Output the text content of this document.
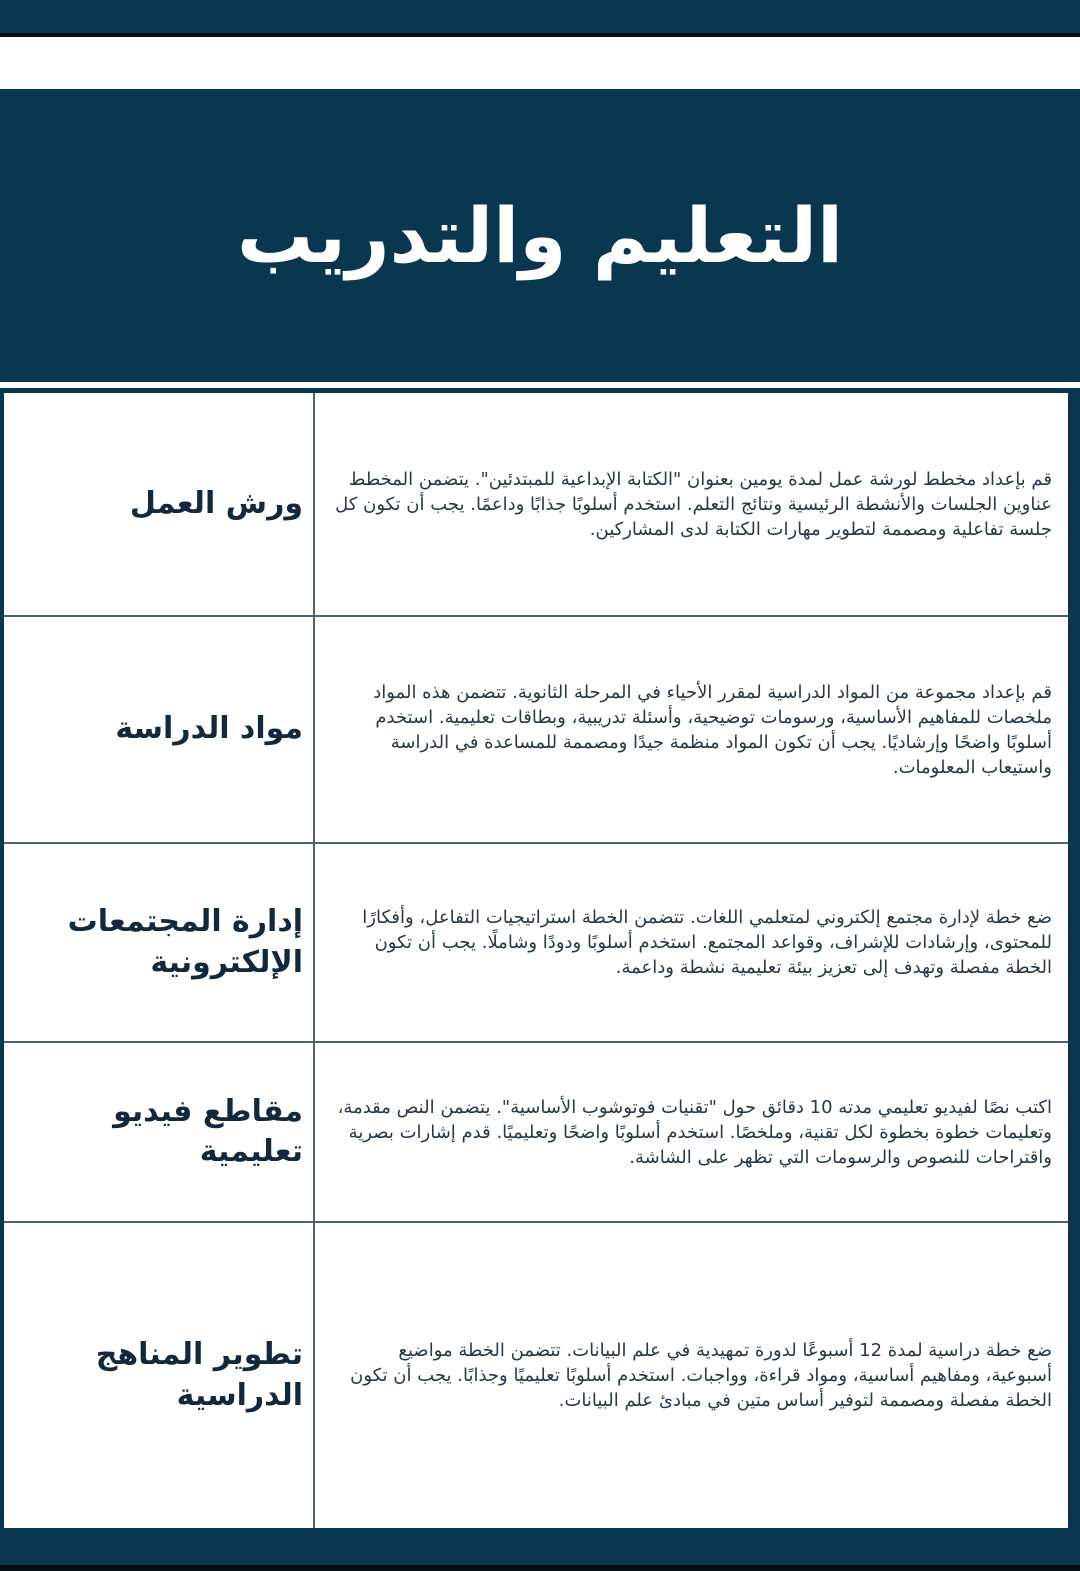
التعليم والتدريب
ورش العمل
قم بإعداد مخطط لورشة عمل لمدة يومين بعنوان "الكتابة الإبداعية للمبتدئين". يتضمن المخطط عناوين الجلسات والأنشطة الرئيسية ونتائج التعلم. استخدم أسلوبًا جذابًا وداعمًا. يجب أن تكون كل جلسة تفاعلية ومصممة لتطوير مهارات الكتابة لدى المشاركين.
مواد الدراسة
قم بإعداد مجموعة من المواد الدراسية لمقرر الأحياء في المرحلة الثانوية. تتضمن هذه المواد ملخصات للمفاهيم الأساسية، ورسومات توضيحية، وأسئلة تدريبية، وبطاقات تعليمية. استخدم أسلوبًا واضحًا وإرشاديًا. يجب أن تكون المواد منظمة جيدًا ومصممة للمساعدة في الدراسة واستيعاب المعلومات.
إدارة المجتمعات الإلكترونية
ضع خطة لإدارة مجتمع إلكتروني لمتعلمي اللغات. تتضمن الخطة استراتيجيات التفاعل، وأفكارًا للمحتوى، وإرشادات للإشراف، وقواعد المجتمع. استخدم أسلوبًا ودودًا وشاملًا. يجب أن تكون الخطة مفصلة وتهدف إلى تعزيز بيئة تعليمية نشطة وداعمة.
مقاطع فيديو تعليمية
اكتب نصًا لفيديو تعليمي مدته 10 دقائق حول "تقنيات فوتوشوب الأساسية". يتضمن النص مقدمة، وتعليمات خطوة بخطوة لكل تقنية، وملخصًا. استخدم أسلوبًا واضحًا وتعليميًا. قدم إشارات بصرية واقتراحات للنصوص والرسومات التي تظهر على الشاشة.
تطوير المناهج الدراسية
ضع خطة دراسية لمدة 12 أسبوعًا لدورة تمهيدية في علم البيانات. تتضمن الخطة مواضيع أسبوعية، ومفاهيم أساسية، ومواد قراءة، وواجبات. استخدم أسلوبًا تعليميًا وجذابًا. يجب أن تكون الخطة مفصلة ومصممة لتوفير أساس متين في مبادئ علم البيانات.
